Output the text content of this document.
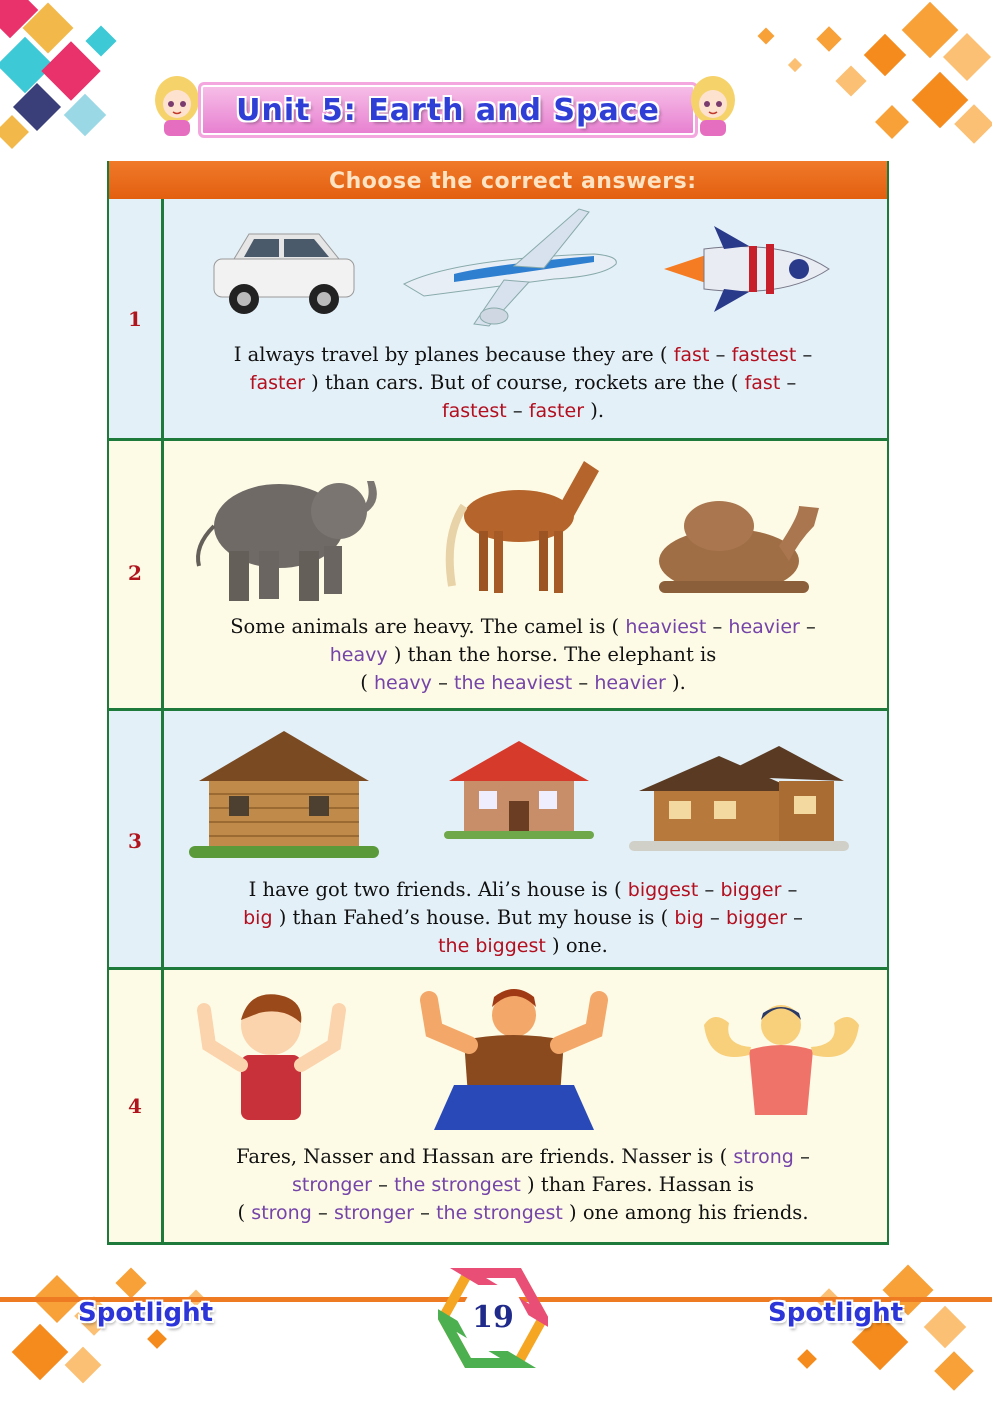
Unit 5: Earth and Space
Choose the correct answers:
1
I always travel by planes because they are ( fast – fastest –
faster ) than cars. But of course, rockets are the ( fast –
fastest – faster ).
2
Some animals are heavy. The camel is ( heaviest – heavier –
heavy ) than the horse. The elephant is
( heavy – the heaviest – heavier ).
3
I have got two friends. Ali’s house is ( biggest – bigger –
big ) than Fahed’s house. But my house is ( big – bigger –
the biggest ) one.
4
Fares, Nasser and Hassan are friends. Nasser is ( strong –
stronger – the strongest ) than Fares. Hassan is
( strong – stronger – the strongest ) one among his friends.
Spotlight	19	Spotlight
